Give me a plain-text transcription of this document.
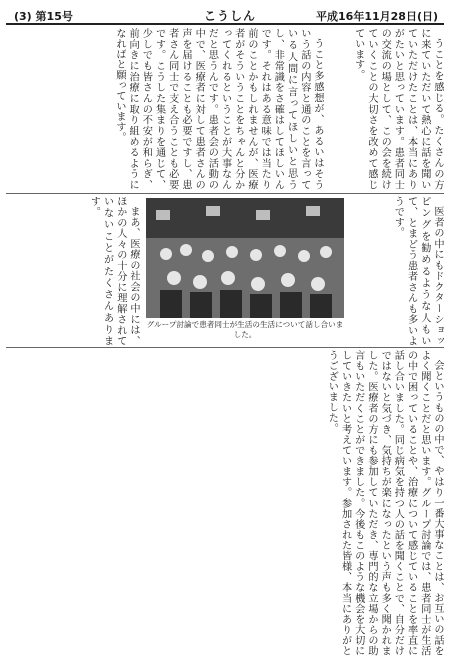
(3) 第15号	こうしん	平成16年11月28日(日)

うことを感じる。たくさんの方に来ていただいて熱心に話を聞いていただけたことは、本当にありがたいと思っています。患者同士の交流の場として、この会を続けていくことの大切さを改めて感じています。

うこと多感想が、あるいはそういう話の内容と通のことを言っている人間に言ってほしいと思うし、非常識をさ確はしてほしいんです。それはある意味では当たり前のことかもしれませんが、医療者がそういうことをちゃんと分かってくれるということが大事なんだと思うんです。患者会の活動の中で、医療者に対して患者さんの声を届けることも必要ですし、患者さん同士で支え合うことも必要です。こうした集まりを通じて、少しでも皆さんの不安が和らぎ、前向きに治療に取り組めるようになればと願っています。

医者の中にもドクターショッピングを勧めるような人もいて、とまどう患者さんも多いようです。

グループ討論で患者同士が生活の生活について話し合いました。

まあ、医療の社会の中には、ほかの人々の十分に理解されていないことがたくさんあります。

会というものの中で、やはり一番大事なことは、お互いの話をよく聞くことだと思います。グループ討論では、患者同士が生活の中で困っていることや、治療について感じていることを率直に話し合いました。同じ病気を持つ人の話を聞くことで、自分だけではないと気づき、気持ちが楽になったという声も多く聞かれました。医療者の方にも参加していただき、専門的な立場からの助言もいただくことができました。今後もこのような機会を大切にしていきたいと考えています。参加された皆様、本当にありがとうございました。
